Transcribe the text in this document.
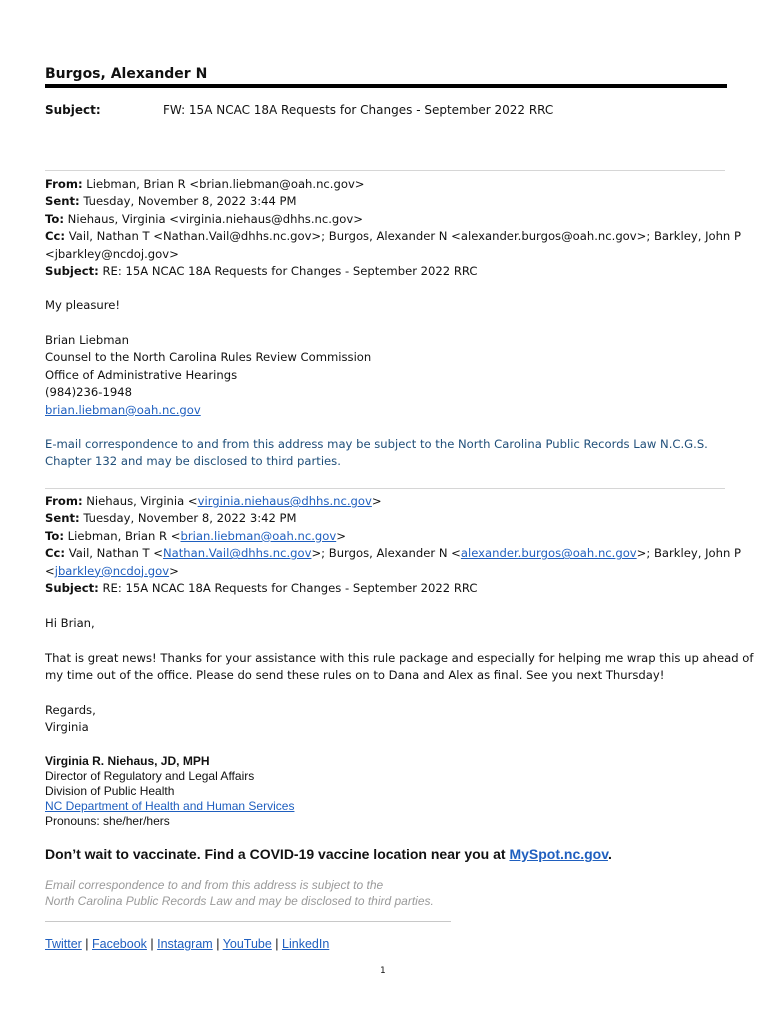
Burgos, Alexander N
Subject:	FW: 15A NCAC 18A Requests for Changes - September 2022 RRC
From: Liebman, Brian R <brian.liebman@oah.nc.gov>
Sent: Tuesday, November 8, 2022 3:44 PM
To: Niehaus, Virginia <virginia.niehaus@dhhs.nc.gov>
Cc: Vail, Nathan T <Nathan.Vail@dhhs.nc.gov>; Burgos, Alexander N <alexander.burgos@oah.nc.gov>; Barkley, John P
<jbarkley@ncdoj.gov>
Subject: RE: 15A NCAC 18A Requests for Changes - September 2022 RRC
My pleasure!
Brian Liebman
Counsel to the North Carolina Rules Review Commission
Office of Administrative Hearings
(984)236-1948
brian.liebman@oah.nc.gov
E-mail correspondence to and from this address may be subject to the North Carolina Public Records Law N.C.G.S.
Chapter 132 and may be disclosed to third parties.
From: Niehaus, Virginia <virginia.niehaus@dhhs.nc.gov>
Sent: Tuesday, November 8, 2022 3:42 PM
To: Liebman, Brian R <brian.liebman@oah.nc.gov>
Cc: Vail, Nathan T <Nathan.Vail@dhhs.nc.gov>; Burgos, Alexander N <alexander.burgos@oah.nc.gov>; Barkley, John P
<jbarkley@ncdoj.gov>
Subject: RE: 15A NCAC 18A Requests for Changes - September 2022 RRC
Hi Brian,
That is great news! Thanks for your assistance with this rule package and especially for helping me wrap this up ahead of
my time out of the office. Please do send these rules on to Dana and Alex as final. See you next Thursday!
Regards,
Virginia
Virginia R. Niehaus, JD, MPH
Director of Regulatory and Legal Affairs
Division of Public Health
NC Department of Health and Human Services
Pronouns: she/her/hers
Don’t wait to vaccinate. Find a COVID-19 vaccine location near you at MySpot.nc.gov.
Email correspondence to and from this address is subject to the
North Carolina Public Records Law and may be disclosed to third parties.
Twitter | Facebook | Instagram | YouTube | LinkedIn
1
